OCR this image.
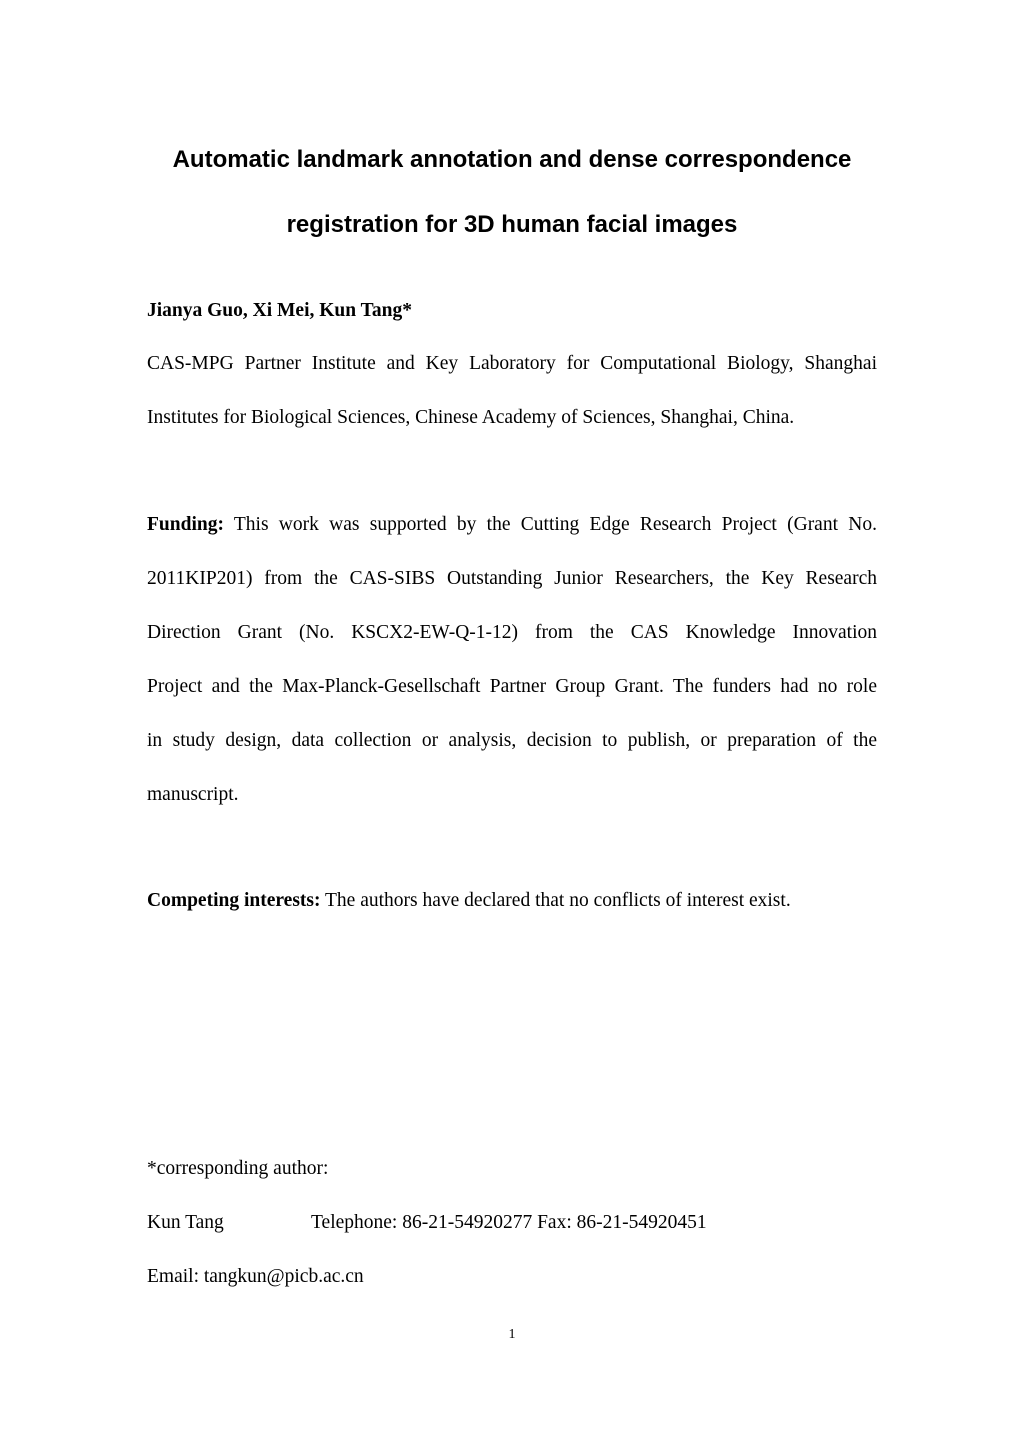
Automatic landmark annotation and dense correspondence
registration for 3D human facial images
Jianya Guo, Xi Mei, Kun Tang*
CAS-MPG Partner Institute and Key Laboratory for Computational Biology, Shanghai
Institutes for Biological Sciences, Chinese Academy of Sciences, Shanghai, China.
Funding: This work was supported by the Cutting Edge Research Project (Grant No.
2011KIP201) from the CAS-SIBS Outstanding Junior Researchers, the Key Research
Direction Grant (No. KSCX2-EW-Q-1-12) from the CAS Knowledge Innovation
Project and the Max-Planck-Gesellschaft Partner Group Grant. The funders had no role
in study design, data collection or analysis, decision to publish, or preparation of the
manuscript.
Competing interests: The authors have declared that no conflicts of interest exist.
*corresponding author:
Kun Tang	Telephone: 86-21-54920277 Fax: 86-21-54920451
Email: tangkun@picb.ac.cn
1
